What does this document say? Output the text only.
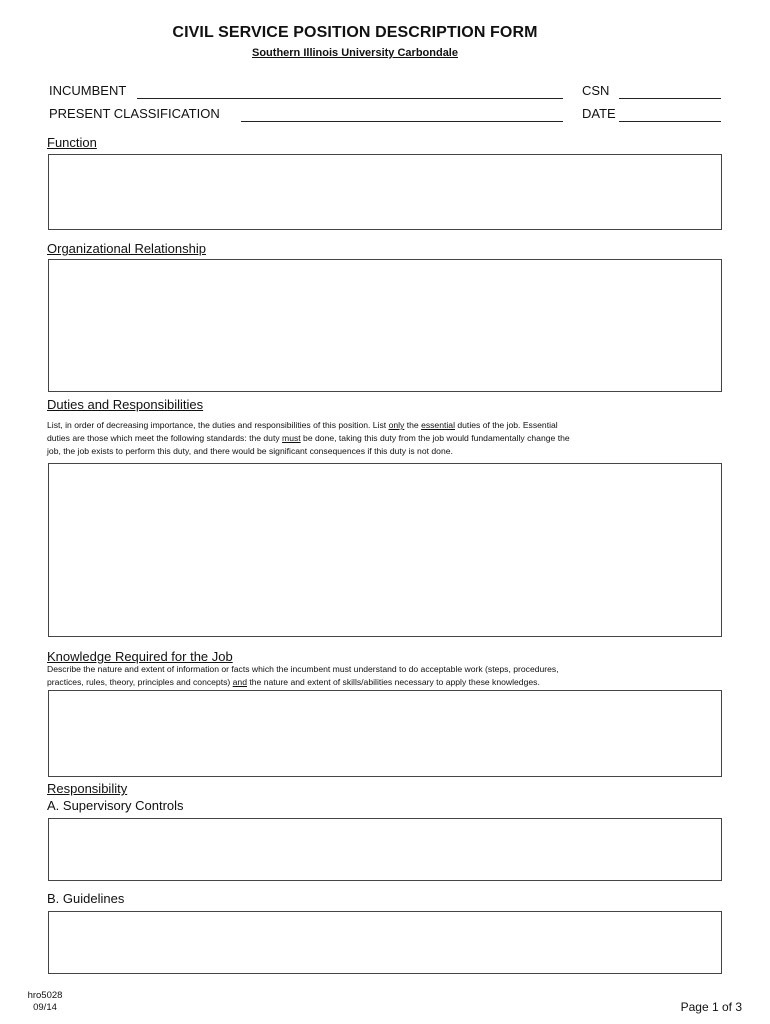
CIVIL SERVICE POSITION DESCRIPTION FORM
Southern Illinois University Carbondale
INCUMBENT	CSN
PRESENT CLASSIFICATION	DATE
Function
Organizational Relationship
Duties and Responsibilities
List, in order of decreasing importance, the duties and responsibilities of this position. List only the essential duties of the job. Essential
duties are those which meet the following standards: the duty must be done, taking this duty from the job would fundamentally change the
job, the job exists to perform this duty, and there would be significant consequences if this duty is not done.
Knowledge Required for the Job
Describe the nature and extent of information or facts which the incumbent must understand to do acceptable work (steps, procedures,
practices, rules, theory, principles and concepts) and the nature and extent of skills/abilities necessary to apply these knowledges.
Responsibility
A. Supervisory Controls
B. Guidelines
hro5028
09/14	Page 1 of 3
